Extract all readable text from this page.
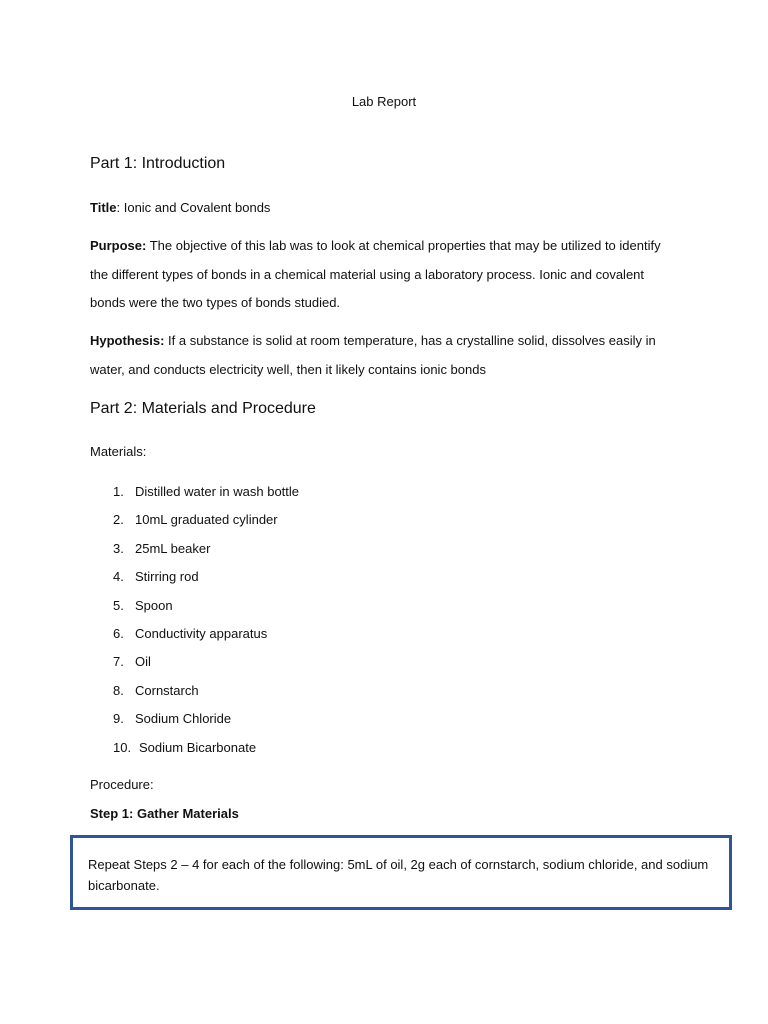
Lab Report
Part 1: Introduction
Title: Ionic and Covalent bonds
Purpose: The objective of this lab was to look at chemical properties that may be utilized to identify the different types of bonds in a chemical material using a laboratory process. Ionic and covalent bonds were the two types of bonds studied.
Hypothesis: If a substance is solid at room temperature, has a crystalline solid, dissolves easily in water, and conducts electricity well, then it likely contains ionic bonds
Part 2: Materials and Procedure
Materials:
1. Distilled water in wash bottle
2. 10mL graduated cylinder
3. 25mL beaker
4. Stirring rod
5. Spoon
6. Conductivity apparatus
7. Oil
8. Cornstarch
9. Sodium Chloride
10. Sodium Bicarbonate
Procedure:
Step 1: Gather Materials
Repeat Steps 2 – 4 for each of the following: 5mL of oil, 2g each of cornstarch, sodium chloride, and sodium bicarbonate.
